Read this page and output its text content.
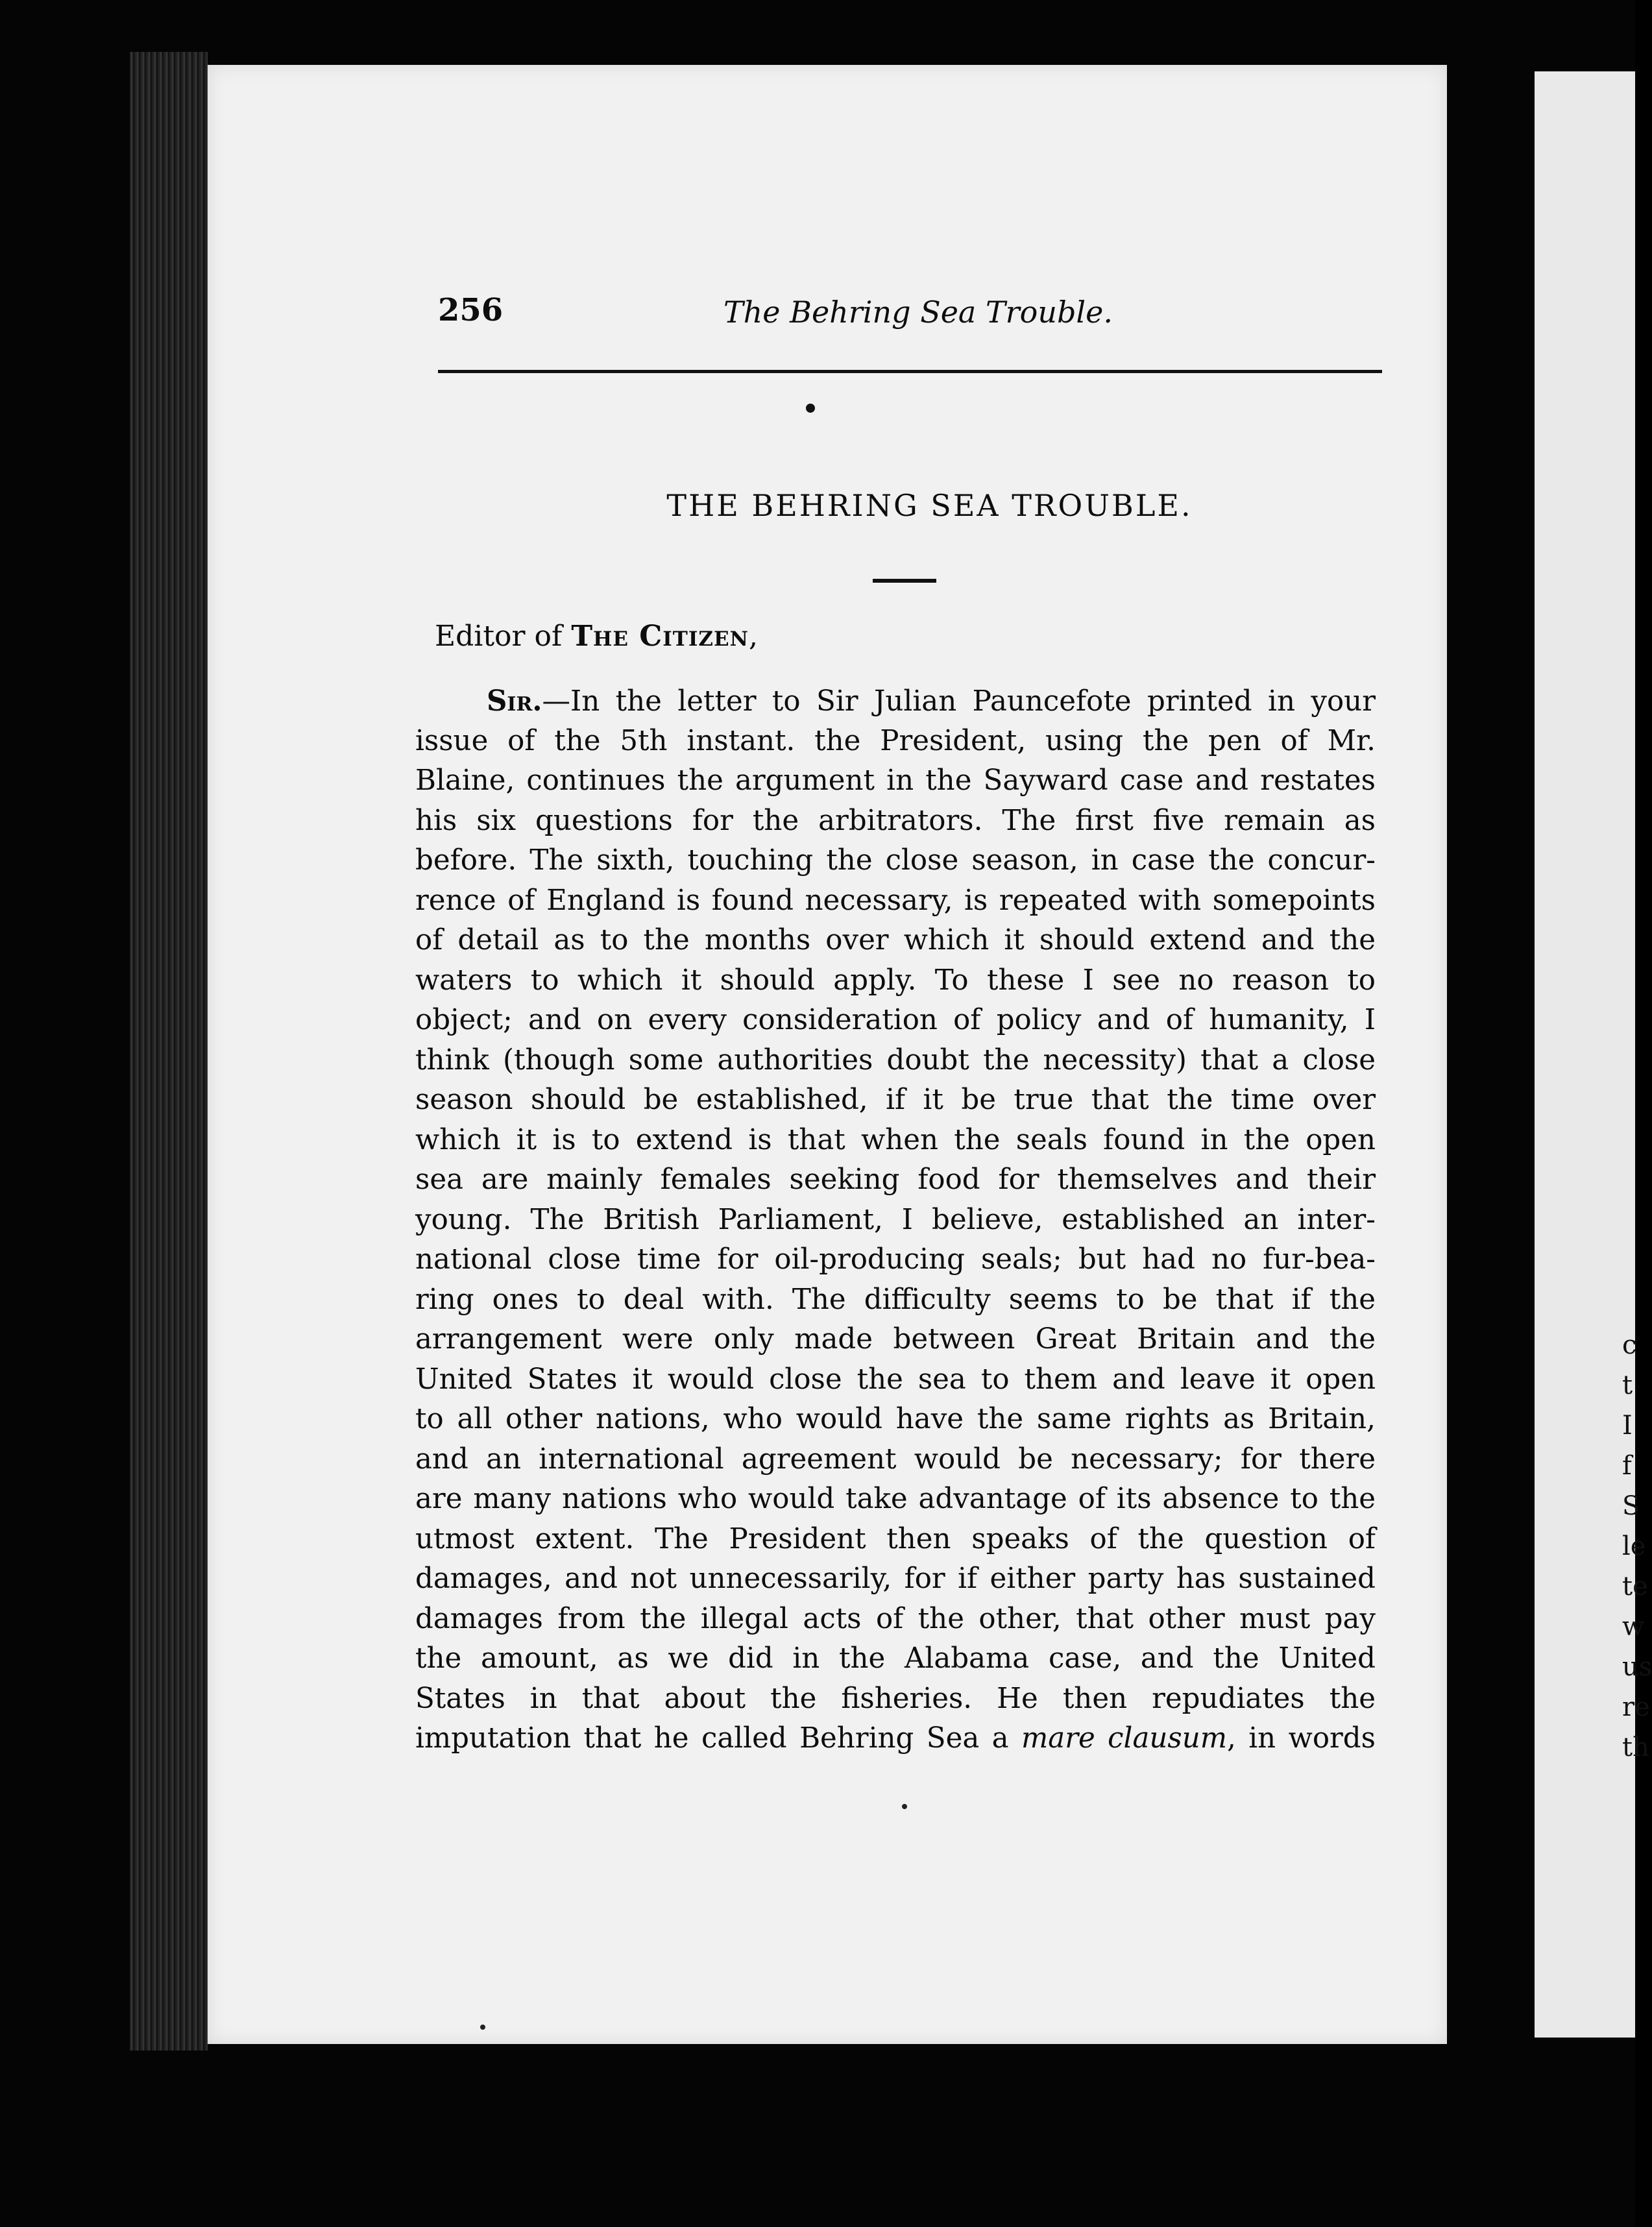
256	The Behring Sea Trouble.
THE BEHRING SEA TROUBLE.
Editor of The Citizen,
Sir.—In the letter to Sir Julian Pauncefote printed in your
issue of the 5th instant. the President, using the pen of Mr.
Blaine, continues the argument in the Sayward case and restates
his six questions for the arbitrators. The first five remain as
before. The sixth, touching the close season, in case the concur-
rence of England is found necessary, is repeated with somepoints
of detail as to the months over which it should extend and the
waters to which it should apply. To these I see no reason to
object; and on every consideration of policy and of humanity, I
think (though some authorities doubt the necessity) that a close
season should be established, if it be true that the time over
which it is to extend is that when the seals found in the open
sea are mainly females seeking food for themselves and their
young. The British Parliament, I believe, established an inter-
national close time for oil-producing seals; but had no fur-bea-
ring ones to deal with. The difficulty seems to be that if the
arrangement were only made between Great Britain and the
United States it would close the sea to them and leave it open
to all other nations, who would have the same rights as Britain,
and an international agreement would be necessary; for there
are many nations who would take advantage of its absence to the
utmost extent. The President then speaks of the question of
damages, and not unnecessarily, for if either party has sustained
damages from the illegal acts of the other, that other must pay
the amount, as we did in the Alabama case, and the United
States in that about the fisheries. He then repudiates the
imputation that he called Behring Sea a mare clausum, in words
c
t
I
f
S
le
te
w
us
re
th
